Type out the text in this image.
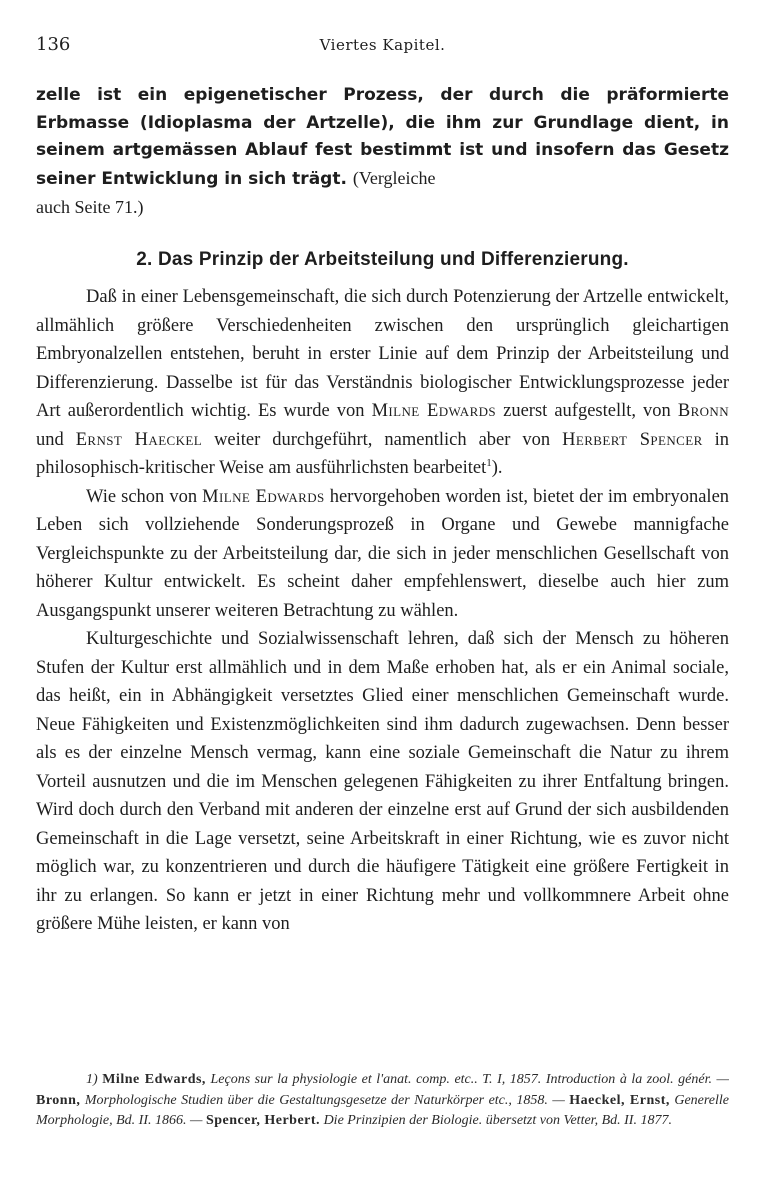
136	Viertes Kapitel.
zelle ist ein epigenetischer Prozess, der durch die präformierte Erbmasse (Idioplasma der Artzelle), die ihm zur Grundlage dient, in seinem artgemässen Ablauf fest bestimmt ist und insofern das Gesetz seiner Entwicklung in sich trägt. (Vergleiche
auch Seite 71.)
2. Das Prinzip der Arbeitsteilung und Differenzierung.

Daß in einer Lebensgemeinschaft, die sich durch Potenzierung der Artzelle entwickelt, allmählich größere Verschiedenheiten zwischen den ursprünglich gleichartigen Embryonalzellen entstehen, beruht in erster Linie auf dem Prinzip der Arbeitsteilung und Differenzierung. Dasselbe ist für das Verständnis biologischer Entwicklungsprozesse jeder Art außerordentlich wichtig. Es wurde von Milne Edwards zuerst aufgestellt, von Bronn und Ernst Haeckel weiter durchgeführt, namentlich aber von Herbert Spencer in philosophisch-kritischer Weise am ausführlichsten bearbeitet$^1$).

Wie schon von Milne Edwards hervorgehoben worden ist, bietet der im embryonalen Leben sich vollziehende Sonderungsprozeß in Organe und Gewebe mannigfache Vergleichspunkte zu der Arbeitsteilung dar, die sich in jeder menschlichen Gesellschaft von höherer Kultur entwickelt. Es scheint daher empfehlenswert, dieselbe auch hier zum Ausgangspunkt unserer weiteren Betrachtung zu wählen.

Kulturgeschichte und Sozialwissenschaft lehren, daß sich der Mensch zu höheren Stufen der Kultur erst allmählich und in dem Maße erhoben hat, als er ein Animal sociale, das heißt, ein in Abhängigkeit versetztes Glied einer menschlichen Gemeinschaft wurde. Neue Fähigkeiten und Existenzmöglichkeiten sind ihm dadurch zugewachsen. Denn besser als es der einzelne Mensch vermag, kann eine soziale Gemeinschaft die Natur zu ihrem Vorteil ausnutzen und die im Menschen gelegenen Fähigkeiten zu ihrer Entfaltung bringen. Wird doch durch den Verband mit anderen der einzelne erst auf Grund der sich ausbildenden Gemeinschaft in die Lage versetzt, seine Arbeitskraft in einer Richtung, wie es zuvor nicht möglich war, zu konzentrieren und durch die häufigere Tätigkeit eine größere Fertigkeit in ihr zu erlangen. So kann er jetzt in einer Richtung mehr und vollkommnere Arbeit ohne größere Mühe leisten, er kann von

1) Milne Edwards, Leçons sur la physiologie et l'anat. comp. etc.. T. I, 1857. Introduction à la zool. génér. — Bronn, Morphologische Studien über die Gestaltungsgesetze der Naturkörper etc., 1858. — Haeckel, Ernst, Generelle Morphologie, Bd. II. 1866. — Spencer, Herbert. Die Prinzipien der Biologie. übersetzt von Vetter, Bd. II. 1877.
